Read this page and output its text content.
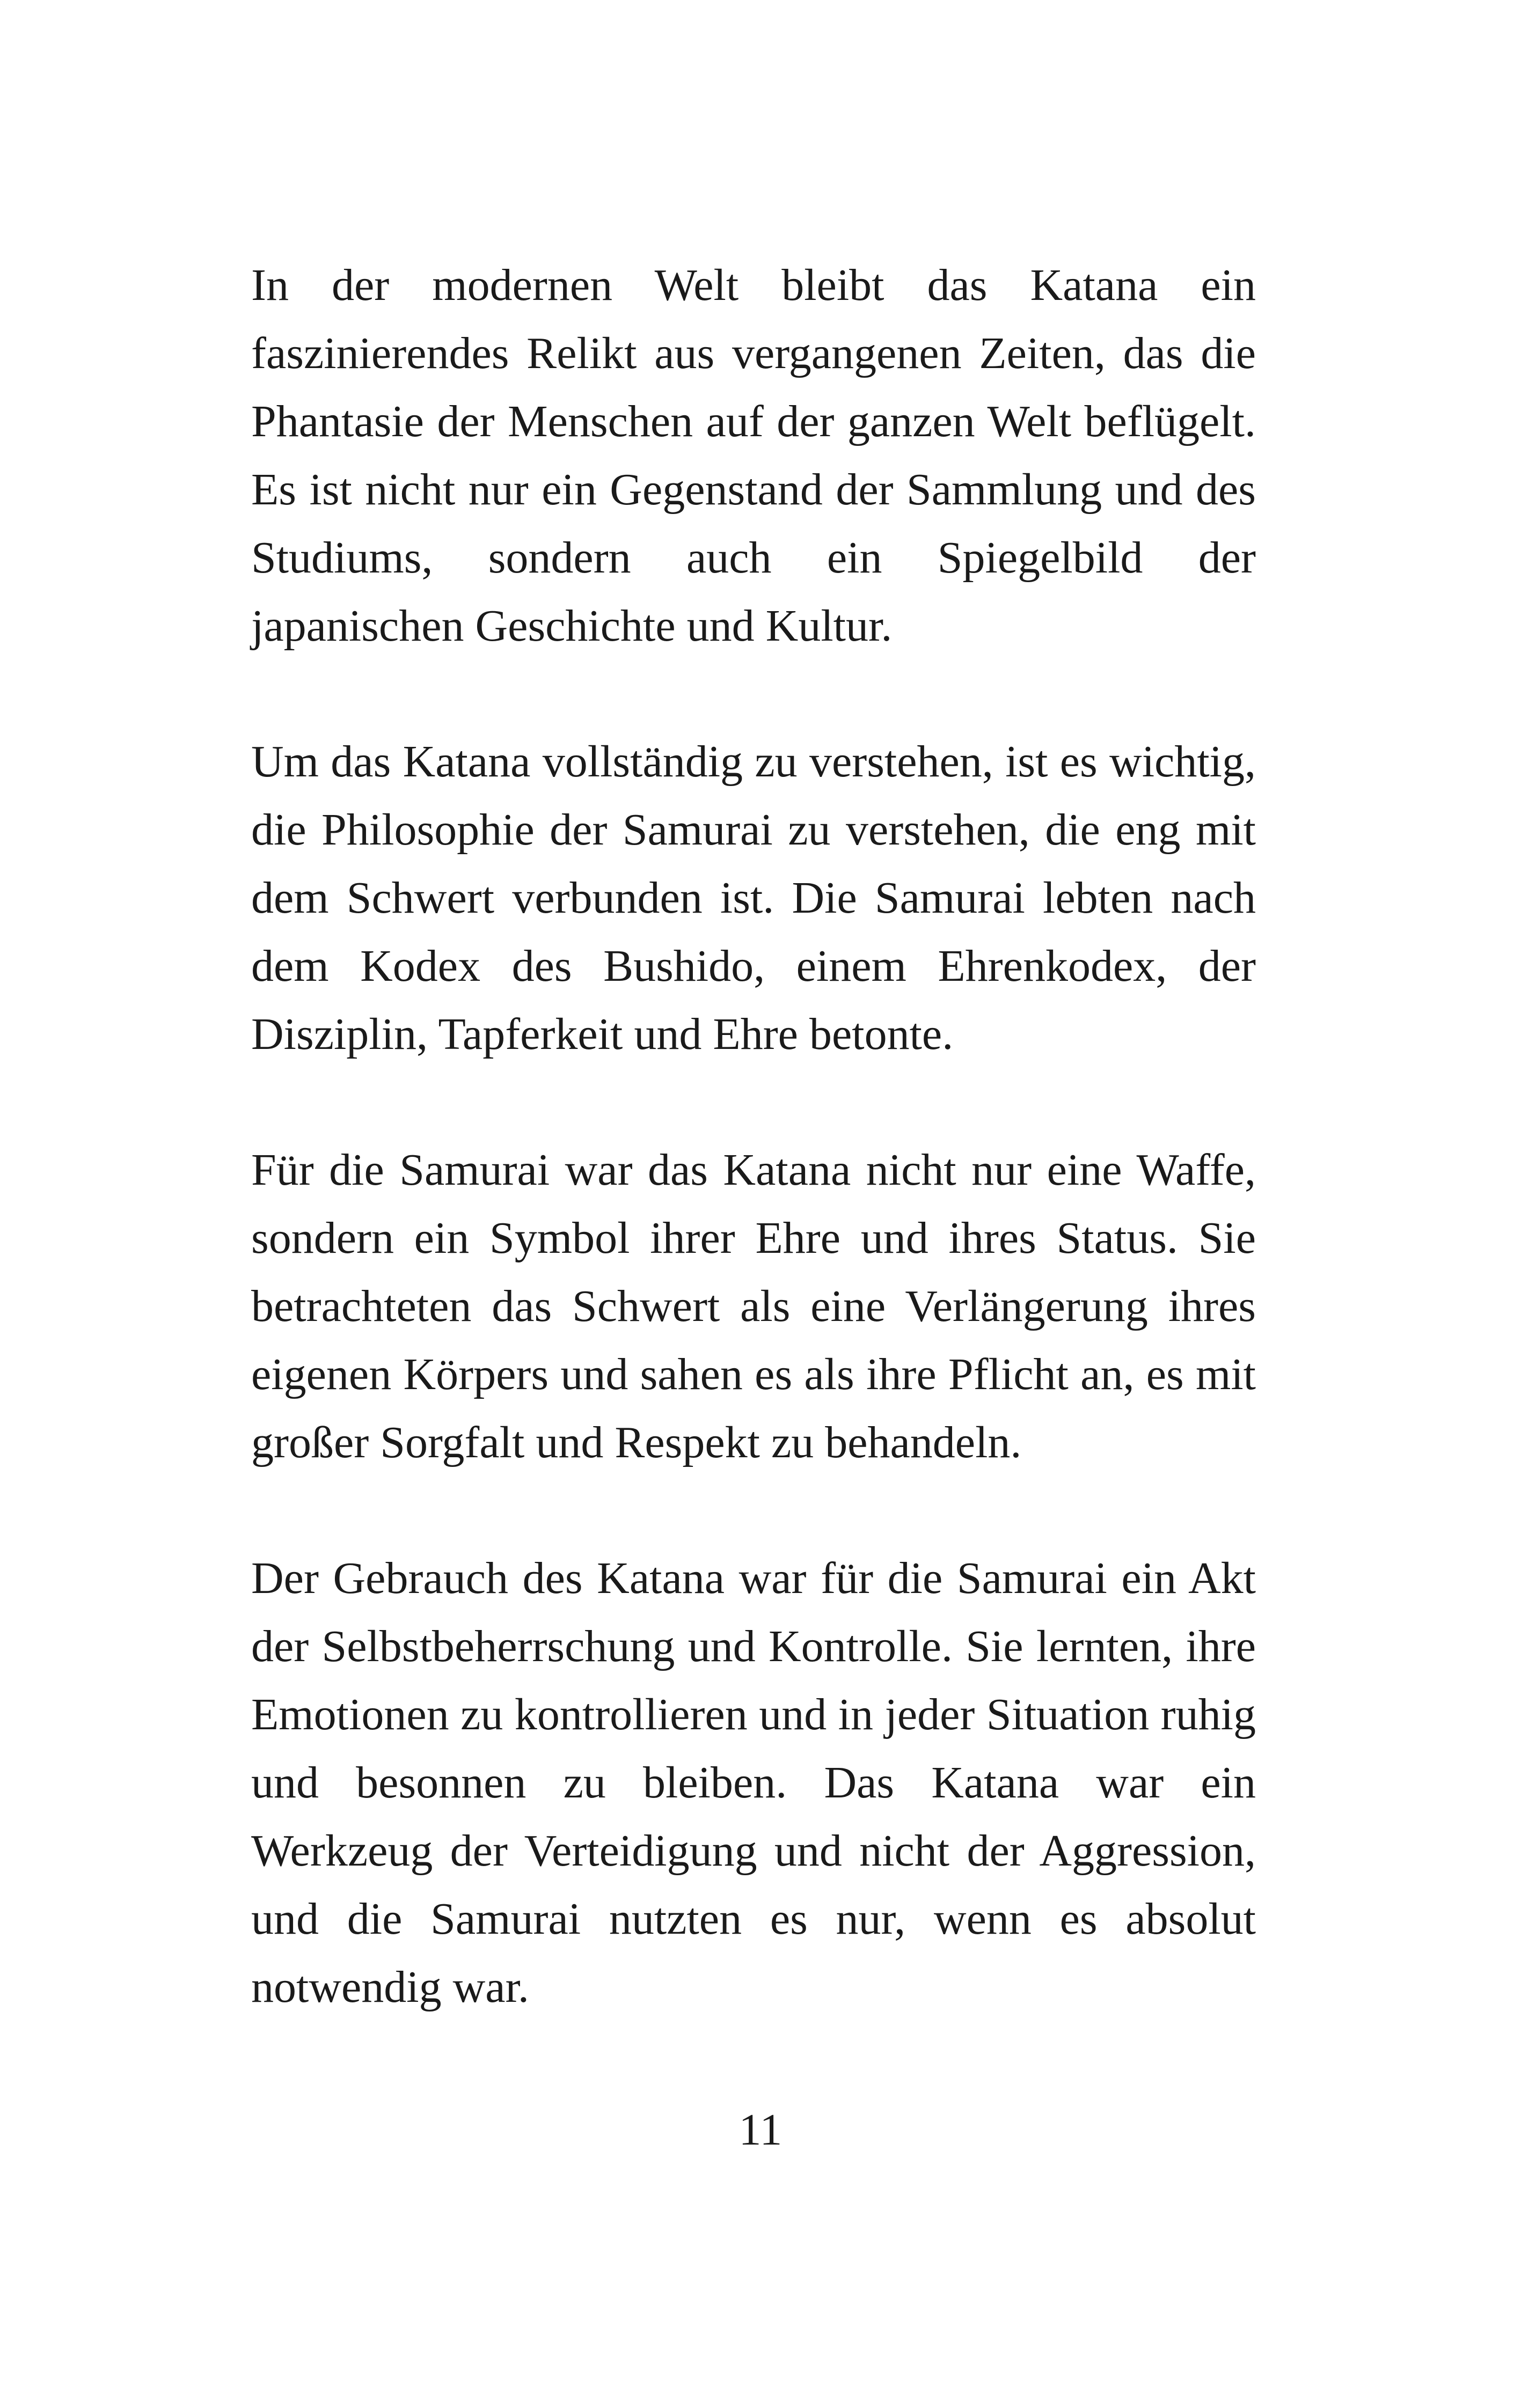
In der modernen Welt bleibt das Katana ein faszinierendes Relikt aus vergangenen Zeiten, das die Phantasie der Menschen auf der ganzen Welt beflügelt. Es ist nicht nur ein Gegenstand der Sammlung und des Studiums, sondern auch ein Spiegelbild der japanischen Geschichte und Kultur.

Um das Katana vollständig zu verstehen, ist es wichtig, die Philosophie der Samurai zu verstehen, die eng mit dem Schwert verbunden ist. Die Samurai lebten nach dem Kodex des Bushido, einem Ehrenkodex, der Disziplin, Tapferkeit und Ehre betonte.

Für die Samurai war das Katana nicht nur eine Waffe, sondern ein Symbol ihrer Ehre und ihres Status. Sie betrachteten das Schwert als eine Verlängerung ihres eigenen Körpers und sahen es als ihre Pflicht an, es mit großer Sorgfalt und Respekt zu behandeln.

Der Gebrauch des Katana war für die Samurai ein Akt der Selbstbeherrschung und Kontrolle. Sie lernten, ihre Emotionen zu kontrollieren und in jeder Situation ruhig und besonnen zu bleiben. Das Katana war ein Werkzeug der Verteidigung und nicht der Aggression, und die Samurai nutzten es nur, wenn es absolut notwendig war.

11
